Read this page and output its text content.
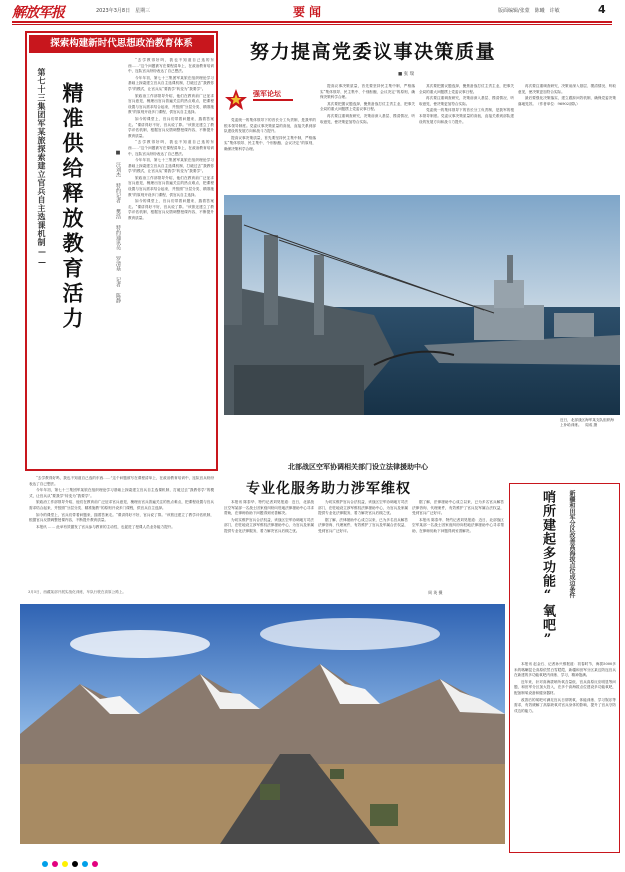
解放军报	2023年3月8日　星期三	要闻	版面编辑/张蒙　陈曦　许敏	4
探索构建新时代思想政治教育体系
第七十三集团军某旅探索建立官兵自主选课机制—— 精准供给释放教育活力	■ 汪刘杰 特约记者 樊浩 特约通讯员 罗清基 记者 陈静

“去学教得好吗，我也不知道自己选的东西……”这个问题被写在课程清单上，在政治教育培训中，连队官兵纷纷表达了自己想法。

今年年初，第七十三集团军某旅在组织理论学习基础上探索建立官兵自主选课机制，打破过去“我教你学”的模式，让官兵从“要我学”转变为“我要学”。

旅政治工作部领导介绍，他们在教育前广泛征求官兵意见，梳理出官兵普遍关注的热点难点，把课程设置与官兵需求结合起来，并按照“分层分类、精准施教”的原则开设多门课程，供官兵自主选择。

如今的课堂上，官兵们带着问题来，揣着答案走。“课讲得好不好，官兵说了算。”该旅还建立了教学评估机制，根据官兵反馈调整授课内容，不断提升教育质量。

“去学教得好吗，我也不知道自己选的东西……”这个问题被写在课程清单上，在政治教育培训中，连队官兵纷纷表达了自己想法。

今年年初，第七十三集团军某旅在组织理论学习基础上探索建立官兵自主选课机制，打破过去“我教你学”的模式，让官兵从“要我学”转变为“我要学”。

旅政治工作部领导介绍，他们在教育前广泛征求官兵意见，梳理出官兵普遍关注的热点难点，把课程设置与官兵需求结合起来，并按照“分层分类、精准施教”的原则开设多门课程，供官兵自主选择。

如今的课堂上，官兵们带着问题来，揣着答案走。“课讲得好不好，官兵说了算。”该旅还建立了教学评估机制，根据官兵反馈调整授课内容，不断提升教育质量。

“去学教得好吗，我也不知道自己选的东西……”这个问题被写在课程清单上，在政治教育培训中，连队官兵纷纷表达了自己想法。

今年年初，第七十三集团军某旅在组织理论学习基础上探索建立官兵自主选课机制，打破过去“我教你学”的模式，让官兵从“要我学”转变为“我要学”。

旅政治工作部领导介绍，他们在教育前广泛征求官兵意见，梳理出官兵普遍关注的热点难点，把课程设置与官兵需求结合起来，并按照“分层分类、精准施教”的原则开设多门课程，供官兵自主选择。

如今的课堂上，官兵们带着问题来，揣着答案走。“课讲得好不好，官兵说了算。”该旅还建立了教学评估机制，根据官兵反馈调整授课内容，不断提升教育质量。

本报讯 …… 此举有效激发了官兵参与教育的主动性，也促进了授课人员业务能力提升。

努力提高党委议事决策质量
■ 张 瑞
强军论坛

党委统一的集体领导下的首长分工负责制，是我军的根本领导制度。党委议事决策质量的高低，直接关系到部队建设的发展方向和战斗力提升。

提高议事决策质量，首先要坚持民主集中制，严格落实“集体领导、民主集中、个别酝酿、会议决定”的原则，确保决策科学合理。

提高议事决策质量，首先要坚持民主集中制，严格落实“集体领导、民主集中、个别酝酿、会议决定”的原则，确保决策科学合理。

其次要把握议题选择，聚焦备战打仗主责主业，把事关全局的重大问题摆上党委议事日程。

再次要注重调查研究，决策前深入基层、摸清情况、听取意见，使决策更加符合实际。

其次要把握议题选择，聚焦备战打仗主责主业，把事关全局的重大问题摆上党委议事日程。

再次要注重调查研究，决策前深入基层、摸清情况、听取意见，使决策更加符合实际。

党委统一的集体领导下的首长分工负责制，是我军的根本领导制度。党委议事决策质量的高低，直接关系到部队建设的发展方向和战斗力提升。

再次要注重调查研究，决策前深入基层、摸清情况、听取意见，使决策更加符合实际。

最后要强化决策落实，建立跟踪问效机制，确保党委决策落地见效。（作者单位：96902部队）

近日，北部战区海军某支队组织海上补给训练。　周成 摄
北部战区空军协调相关部门设立法律援助中心
专业化服务助力涉军维权

本报讯 陈泰华、特约记者刘昊报道：近日，北部战区空军某部一名战士因家庭纠纷向驻地法律援助中心寻求帮助，在律师协助下问题得到妥善解决。

为切实维护官兵合法权益，该战区空军协调地方司法部门，在驻地设立涉军维权法律援助中心，为官兵及家属提供专业化法律服务，着力解决官兵后顾之忧。

为切实维护官兵合法权益，该战区空军协调地方司法部门，在驻地设立涉军维权法律援助中心，为官兵及家属提供专业化法律服务，着力解决官兵后顾之忧。

据了解，法律援助中心成立以来，已为多名官兵解答法律咨询、代理案件，有效维护了官兵及军属合法权益，受到官兵广泛好评。

据了解，法律援助中心成立以来，已为多名官兵解答法律咨询、代理案件，有效维护了官兵及军属合法权益，受到官兵广泛好评。

本报讯 陈泰华、特约记者刘昊报道：近日，北部战区空军某部一名战士因家庭纠纷向驻地法律援助中心寻求帮助，在律师协助下问题得到妥善解决。	新疆和田军分区改善高海拔点位成边条件
哨所建起多功能“氧吧”

本报讯 赵金石、记者孙兴维报道：初春时节，海拔5000多米的喀喇昆仑高原依然白雪皑皑，新疆和田军分区某边防连官兵在新建的多功能氧吧内训练、学习，精神饱满。

近年来，针对高海拔哨所氧含量低、官兵高原反应明显等问题，和田军分区加大投入，在多个高海拔点位建设多功能氧吧，配备制氧设备和健身器材。

改善后的氧吧可满足官兵日常吸氧、体能训练、学习娱乐等需求，有效缓解了高原缺氧对官兵身体的影响，提升了官兵守防戍边的能力。

3月5日，西藏某部开展实战化训练，车队行驶在高原公路上。	周 英 摄
